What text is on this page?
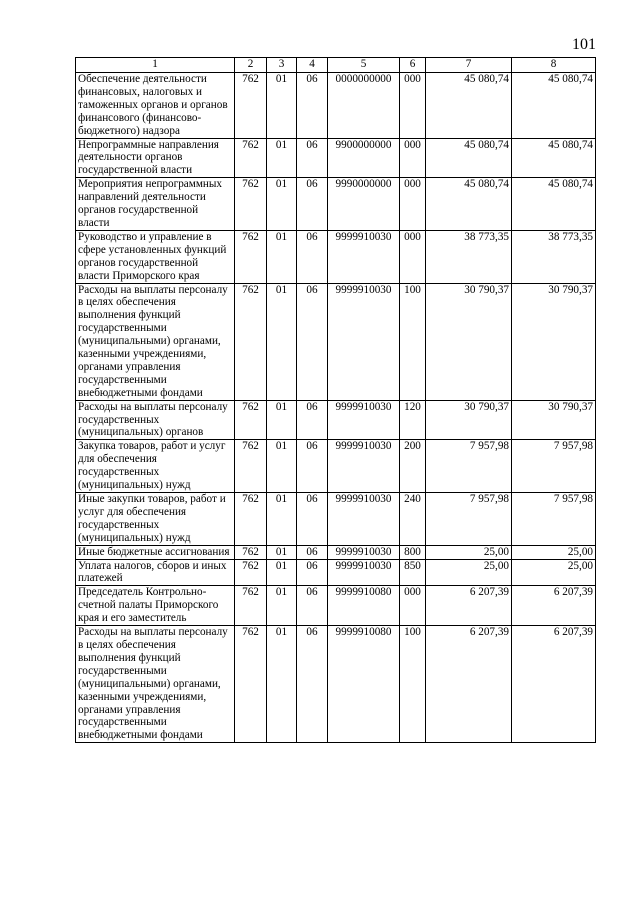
101
1	2	3	4	5	6	7	8
Обеспечение деятельности финансовых, налоговых и таможенных органов и органов финансового (финансово-бюджетного) надзора	762	01	06	0000000000	000	45 080,74	45 080,74
Непрограммные направления деятельности органов государственной власти	762	01	06	9900000000	000	45 080,74	45 080,74
Мероприятия непрограммных направлений деятельности органов государственной власти	762	01	06	9990000000	000	45 080,74	45 080,74
Руководство и управление в сфере установленных функций органов государственной власти Приморского края	762	01	06	9999910030	000	38 773,35	38 773,35
Расходы на выплаты персоналу в целях обеспечения выполнения функций государственными (муниципальными) органами, казенными учреждениями, органами управления государственными внебюджетными фондами	762	01	06	9999910030	100	30 790,37	30 790,37
Расходы на выплаты персоналу государственных (муниципальных) органов	762	01	06	9999910030	120	30 790,37	30 790,37
Закупка товаров, работ и услуг для обеспечения государственных (муниципальных) нужд	762	01	06	9999910030	200	7 957,98	7 957,98
Иные закупки товаров, работ и услуг для обеспечения государственных (муниципальных) нужд	762	01	06	9999910030	240	7 957,98	7 957,98
Иные бюджетные ассигнования	762	01	06	9999910030	800	25,00	25,00
Уплата налогов, сборов и иных платежей	762	01	06	9999910030	850	25,00	25,00
Председатель Контрольно-счетной палаты Приморского края и его заместитель	762	01	06	9999910080	000	6 207,39	6 207,39
Расходы на выплаты персоналу в целях обеспечения выполнения функций государственными (муниципальными) органами, казенными учреждениями, органами управления государственными внебюджетными фондами	762	01	06	9999910080	100	6 207,39	6 207,39
